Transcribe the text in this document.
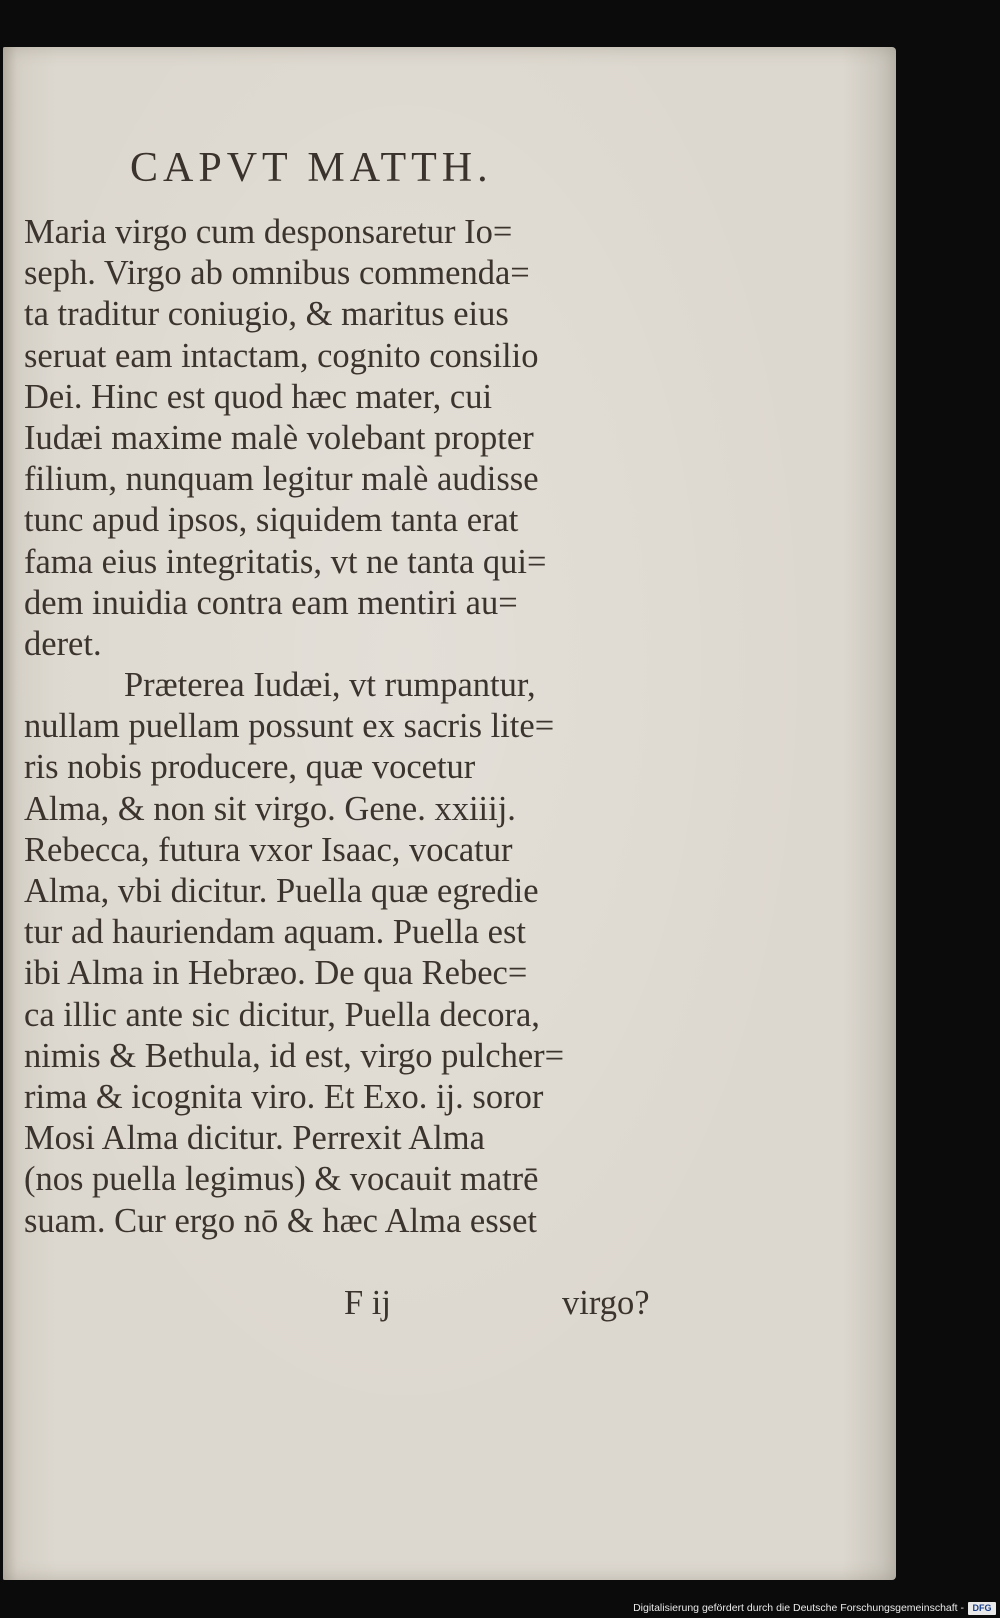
CAPVT MATTH.
Maria virgo cum desponsaretur Io=
seph. Virgo ab omnibus commenda=
ta traditur coniugio, & maritus eius
seruat eam intactam, cognito consilio
Dei. Hinc est quod hæc mater, cui
Iudæi maxime malè volebant propter
filium, nunquam legitur malè audisse
tunc apud ipsos, siquidem tanta erat
fama eius integritatis, vt ne tanta qui=
dem inuidia contra eam mentiri au=
deret.
Præterea Iudæi, vt rumpantur,
nullam puellam possunt ex sacris lite=
ris nobis producere, quæ vocetur
Alma, & non sit virgo. Gene. xxiiij.
Rebecca, futura vxor Isaac, vocatur
Alma, vbi dicitur. Puella quæ egredie
tur ad hauriendam aquam. Puella est
ibi Alma in Hebræo. De qua Rebec=
ca illic ante sic dicitur, Puella decora,
nimis & Bethula, id est, virgo pulcher=
rima & icognita viro. Et Exo. ij. soror
Mosi Alma dicitur. Perrexit Alma
(nos puella legimus) & vocauit matrē
suam. Cur ergo nō & hæc Alma esset
F ij	virgo?
Digitalisierung gefördert durch die Deutsche Forschungsgemeinschaft - DFG
